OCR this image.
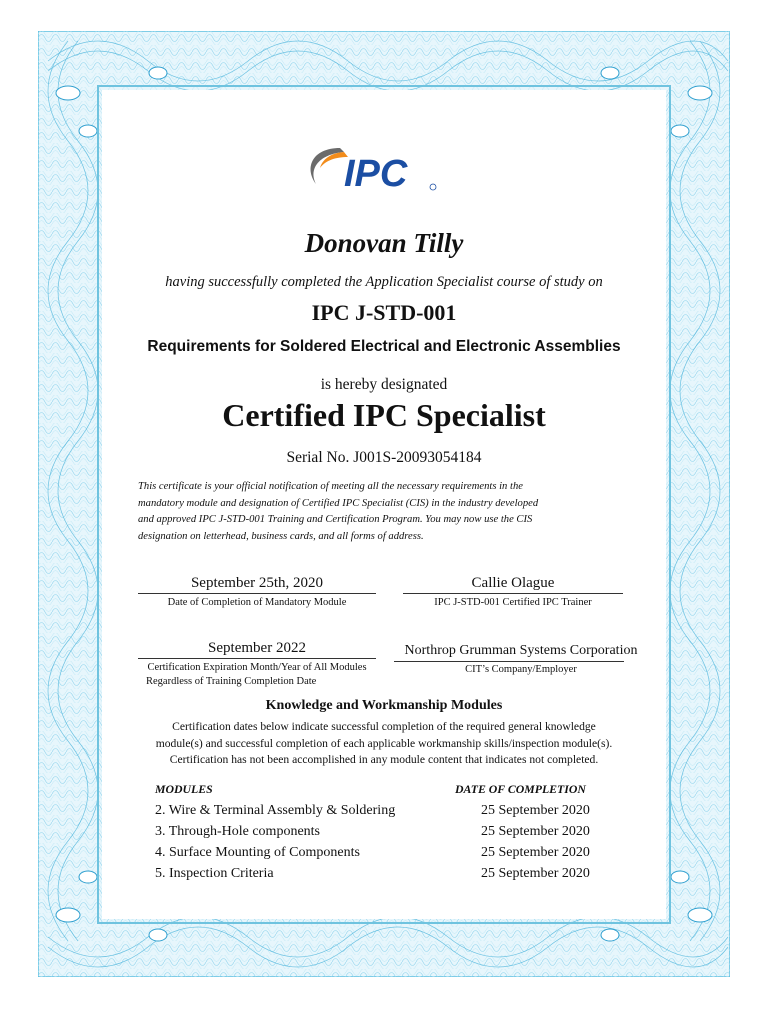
IPC
Donovan Tilly
having successfully completed the Application Specialist course of study on
IPC J-STD-001
Requirements for Soldered Electrical and Electronic Assemblies
is hereby designated
Certified IPC Specialist
Serial No. J001S-20093054184
This certificate is your official notification of meeting all the necessary requirements in the
mandatory module and designation of Certified IPC Specialist (CIS) in the industry developed
and approved IPC J-STD-001 Training and Certification Program. You may now use the CIS
designation on letterhead, business cards, and all forms of address.
September 25th, 2020
Date of Completion of Mandatory Module
Callie Olague
IPC J-STD-001 Certified IPC Trainer
September 2022
Certification Expiration Month/Year of All Modules
Regardless of Training Completion Date
Northrop Grumman Systems Corporation
CIT’s Company/Employer
Knowledge and Workmanship Modules
Certification dates below indicate successful completion of the required general knowledge
module(s) and successful completion of each applicable workmanship skills/inspection module(s).
Certification has not been accomplished in any module content that indicates not completed.
MODULES	DATE OF COMPLETION
2. Wire & Terminal Assembly & Soldering	25 September 2020
3. Through-Hole components	25 September 2020
4. Surface Mounting of Components	25 September 2020
5. Inspection Criteria	25 September 2020
